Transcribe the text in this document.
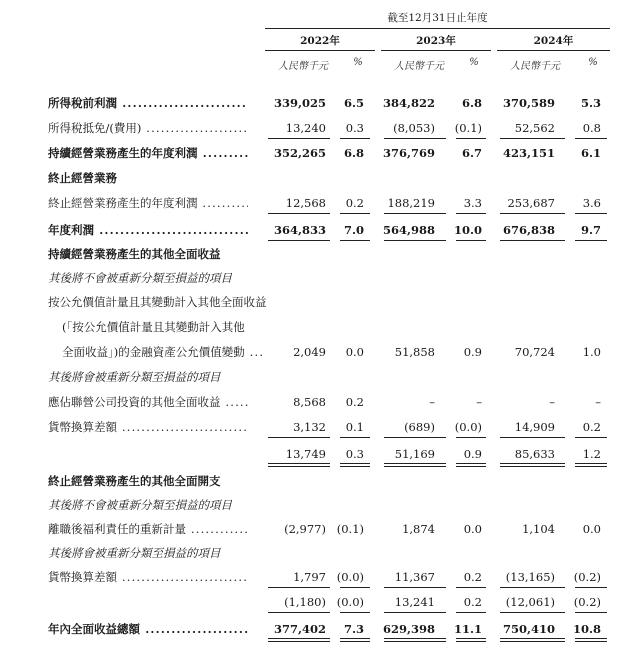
截至12月31日止年度
2022年	2023年	2024年
人民幣千元	%	人民幣千元	%	人民幣千元	%
所得稅前利潤 .....	339,025	6.5	384,822	6.8	370,589	5.3
所得稅抵免/(費用) .....	13,240	0.3	(8,053)	(0.1)	52,562	0.8
持續經營業務產生的年度利潤 .....	352,265	6.8	376,769	6.7	423,151	6.1
終止經營業務
終止經營業務產生的年度利潤 .....	12,568	0.2	188,219	3.3	253,687	3.6
年度利潤 .....	364,833	7.0	564,988	10.0	676,838	9.7
持續經營業務產生的其他全面收益
其後將不會被重新分類至損益的項目
按公允價值計量且其變動計入其他全面收益
(「按公允價值計量且其變動計入其他
全面收益」)的金融資產公允價值變動 .....	2,049	0.0	51,858	0.9	70,724	1.0
其後將會被重新分類至損益的項目
應佔聯營公司投資的其他全面收益 .....	8,568	0.2	–	–	–	–
貨幣換算差額 .....	3,132	0.1	(689)	(0.0)	14,909	0.2
13,749	0.3	51,169	0.9	85,633	1.2
終止經營業務產生的其他全面開支
其後將不會被重新分類至損益的項目
離職後福利責任的重新計量 .....	(2,977) (0.1)	1,874	0.0	1,104	0.0
其後將會被重新分類至損益的項目
貨幣換算差額 .....	1,797 (0.0)	11,367	0.2	(13,165)	(0.2)
(1,180) (0.0)	13,241	0.2	(12,061)	(0.2)
年內全面收益總額 .....	377,402	7.3	629,398	11.1	750,410	10.8
